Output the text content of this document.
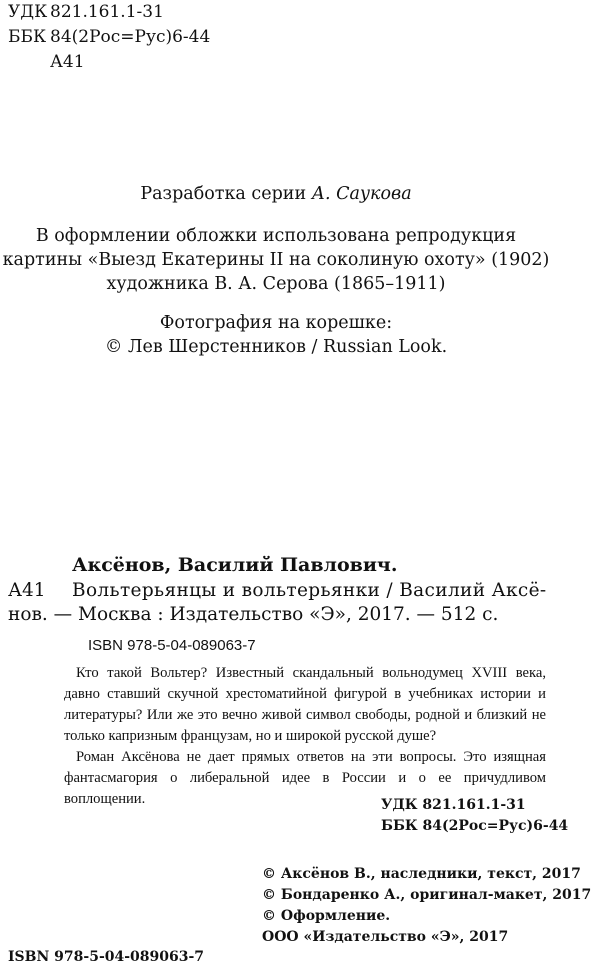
УДК 821.161.1-31
ББК 84(2Рос=Рус)6-44
А41
Разработка серии А. Саукова
В оформлении обложки использована репродукция
картины «Выезд Екатерины II на соколиную охоту» (1902)
художника В. А. Серова (1865–1911)
Фотография на корешке:
© Лев Шерстенников / Russian Look.
Аксёнов, Василий Павлович.
А41 Вольтерьянцы и вольтерьянки / Василий Аксё-
нов. — Москва : Издательство «Э», 2017. — 512 с.
ISBN 978-5-04-089063-7

Кто такой Вольтер? Известный скандальный вольнодумец XVIII века, давно ставший скучной хрестоматийной фигурой в учебниках истории и литературы? Или же это вечно живой символ свободы, родной и близкий не только капризным французам, но и широкой русской душе?

Роман Аксёнова не дает прямых ответов на эти вопросы. Это изящная фантасмагория о либеральной идее в России и о ее причудливом воплощении.	УДК 821.161.1-31
ББК 84(2Рос=Рус)6-44
© Аксёнов В., наследники, текст, 2017
© Бондаренко А., оригинал-макет, 2017
© Оформление.
ООО «Издательство «Э», 2017
ISBN 978-5-04-089063-7
